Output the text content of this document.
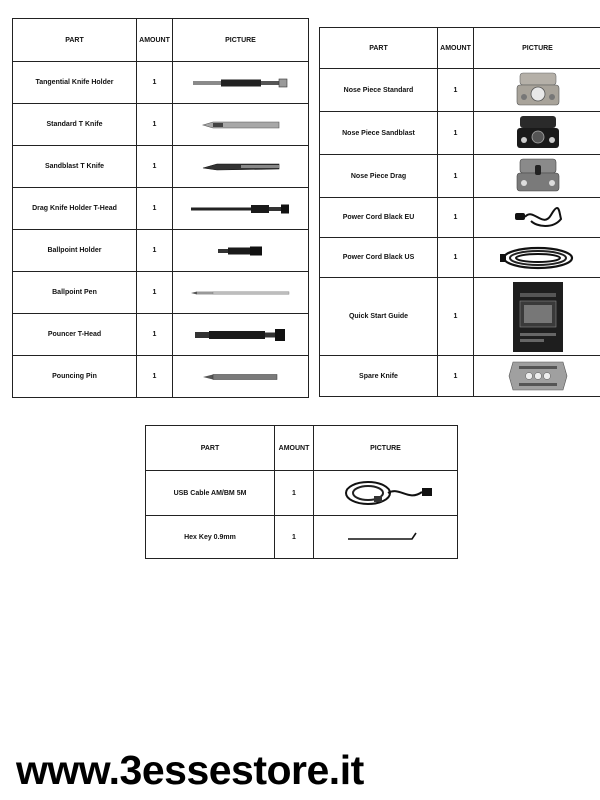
PART	AMOUNT	PICTURE
Tangential Knife Holder	1	

Standard T Knife	1	

Sandblast T Knife	1	

Drag Knife Holder T-Head	1	

Ballpoint Holder	1	

Ballpoint Pen	1	

Pouncer T-Head	1	

Pouncing Pin	1	
PART	AMOUNT	PICTURE
Nose Piece Standard	1	

Nose Piece Sandblast	1	

Nose Piece Drag	1	

Power Cord Black EU	1	

Power Cord Black US	1	

Quick Start Guide	1	

Spare Knife	1	
PART	AMOUNT	PICTURE
USB Cable AM/BM 5M	1	

Hex Key 0.9mm	1	
www.3essestore.it
